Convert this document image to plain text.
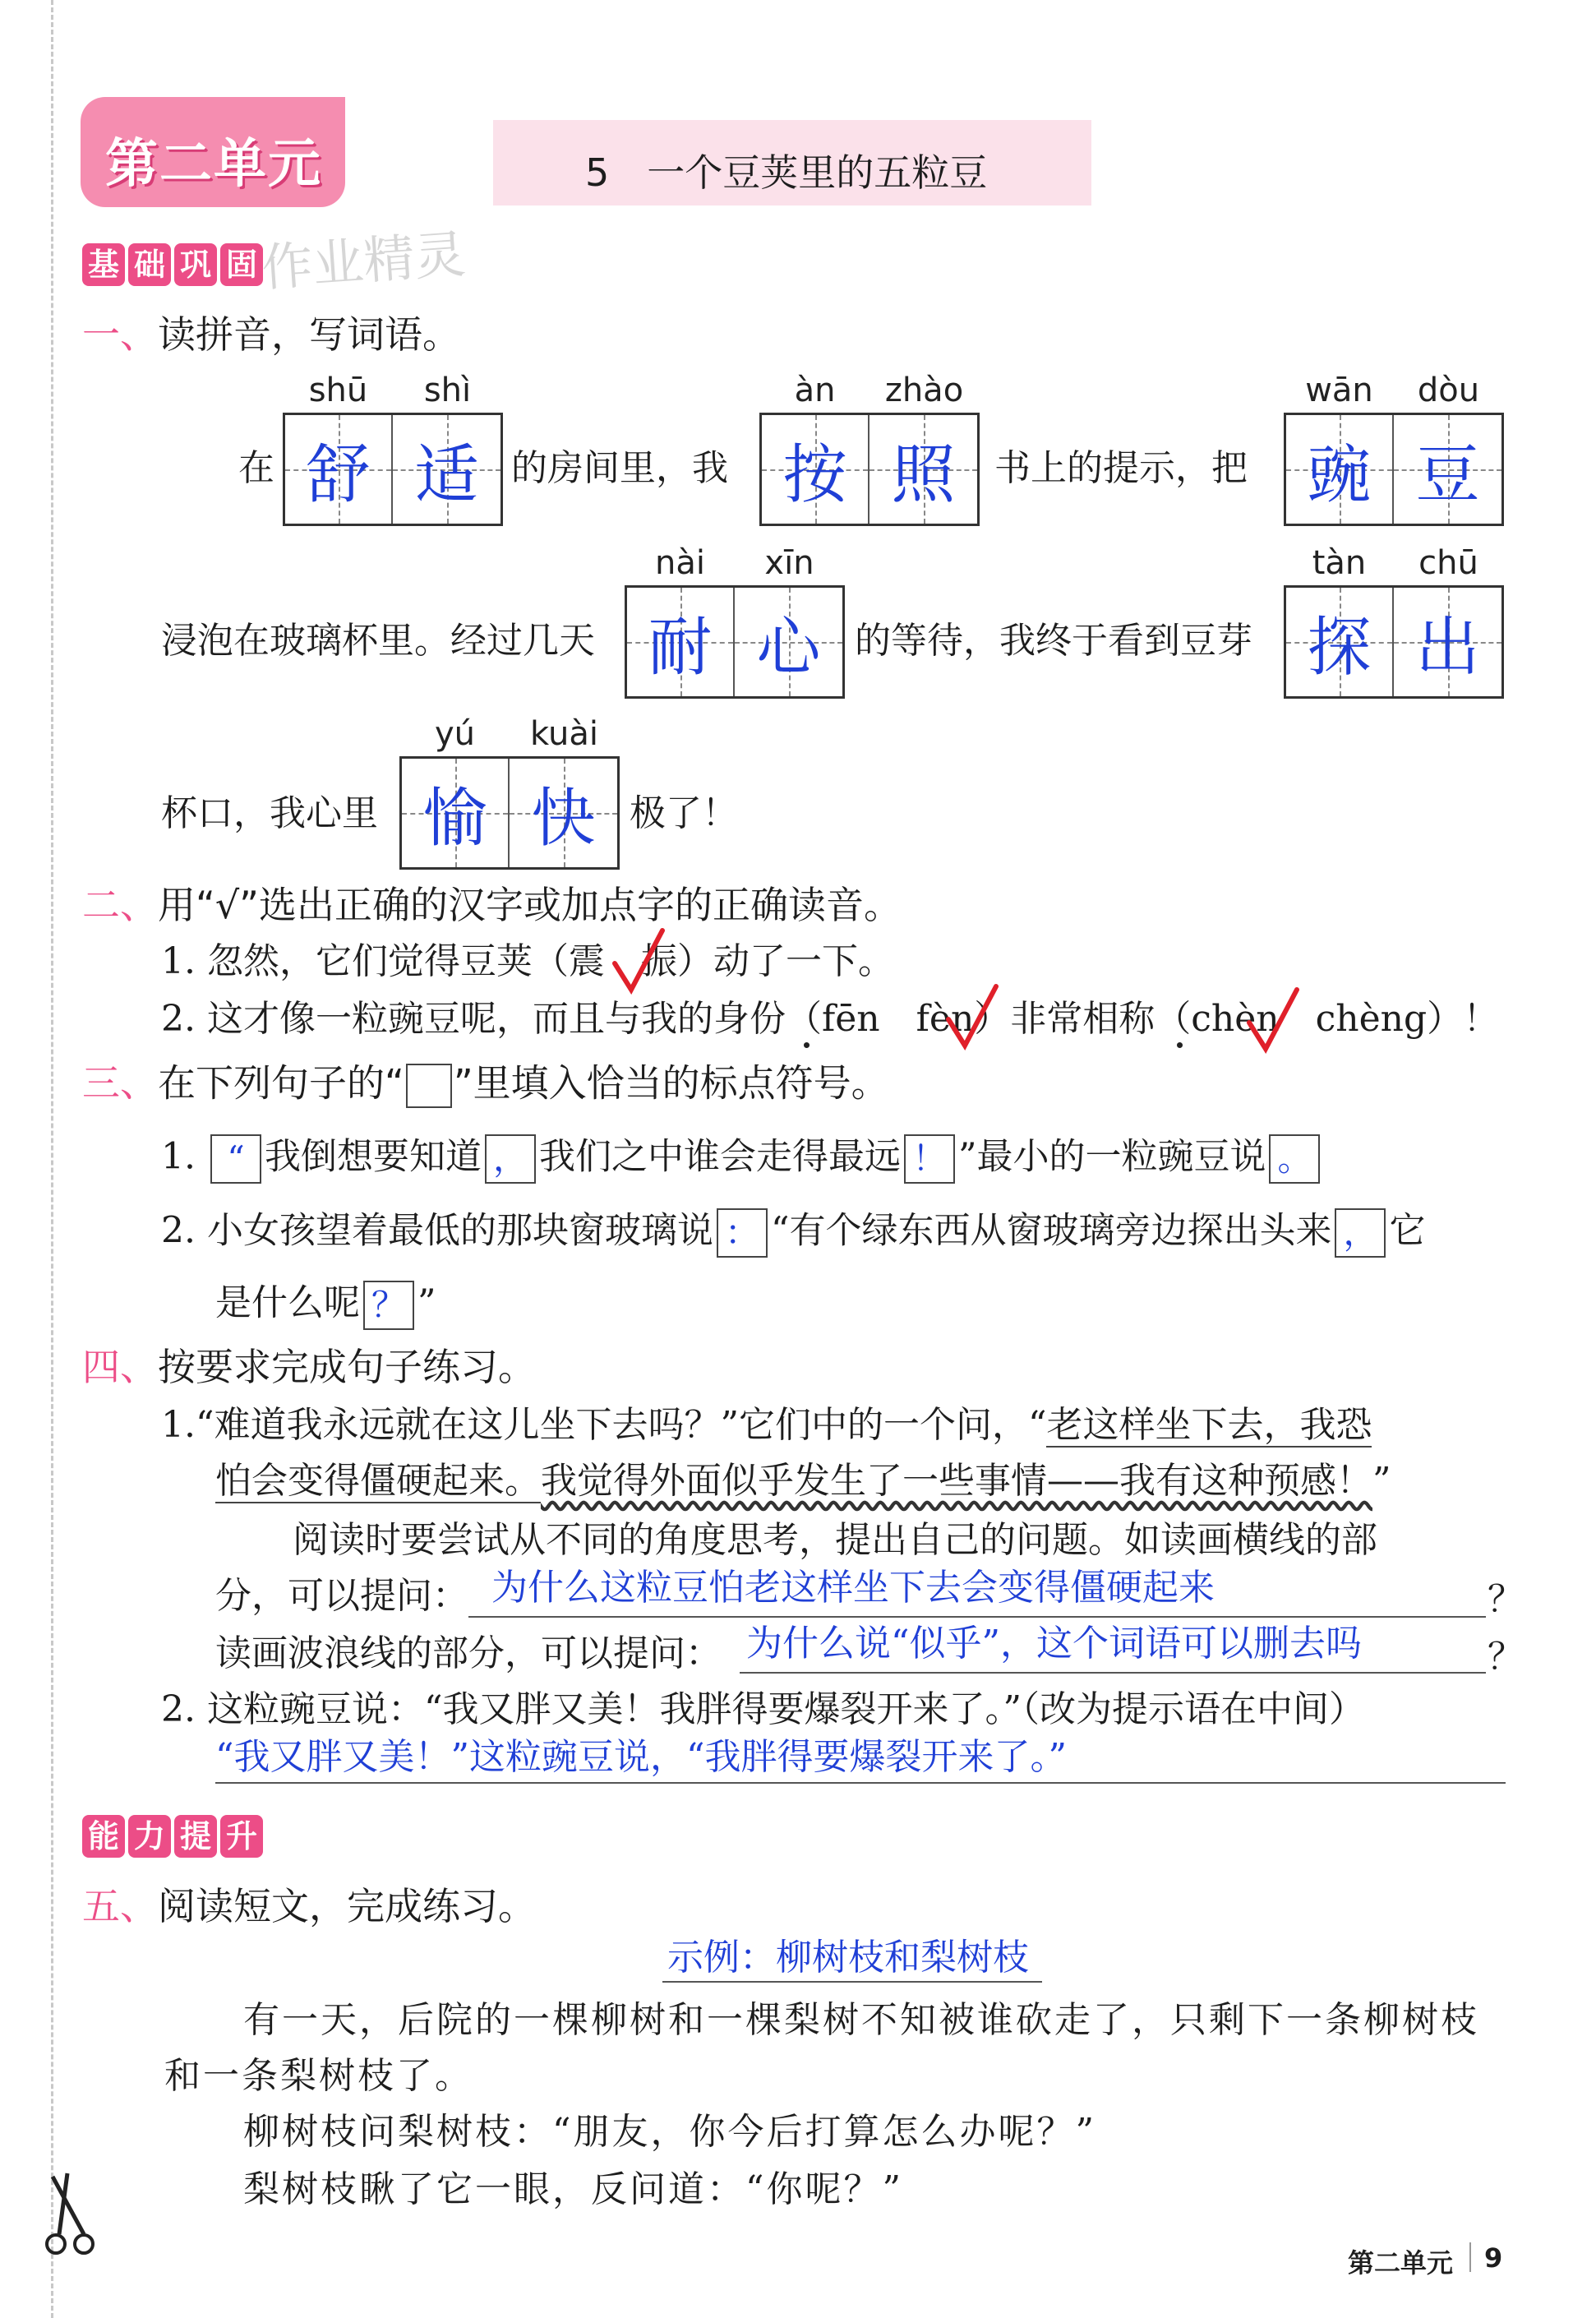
第二单元	5　一个豆荚里的五粒豆
基 础 巩 固 作业精灵
一、读拼音，写词语。
shū	shì	àn	zhào	wān	dòu
在 舒 适 的房间里，我 按 照	书上的提示，把 豌 豆
nài	xīn	tàn	chū
浸泡在玻璃杯里。经过几天 耐 心 的等待，我终于看到豆芽 探 出
yú	kuài
杯口，我心里 愉 快 极了！
二、用“√”选出正确的汉字或加点字的正确读音。
1. 忽然，它们觉得豆荚（震　振）动了一下。
2. 这才像一粒豌豆呢，而且与我的身份（fēn　fèn）非常相称（chèn　chèng）！
三、在下列句子的“ ”里填入恰当的标点符号。
1. “ 我倒想要知道 ， 我们之中谁会走得最远 ！ ”最小的一粒豌豆说 。
2. 小女孩望着最低的那块窗玻璃说 ： “有个绿东西从窗玻璃旁边探出头来 ， 它
是什么呢 ？ ”
四、按要求完成句子练习。
1.“难道我永远就在这儿坐下去吗？”它们中的一个问，“老这样坐下去，我恐
怕会变得僵硬起来。我觉得外面似乎发生了一些事情——我有这种预感！”
阅读时要尝试从不同的角度思考，提出自己的问题。如读画横线的部
分，可以提问： 为什么这粒豆怕老这样坐下去会变得僵硬起来	？
读画波浪线的部分，可以提问： 为什么说“似乎”，这个词语可以删去吗	？
2. 这粒豌豆说：“我又胖又美！我胖得要爆裂开来了。”（改为提示语在中间）
“我又胖又美！”这粒豌豆说，“我胖得要爆裂开来了。”
能 力 提 升
五、阅读短文，完成练习。
示例：柳树枝和梨树枝
有一天，后院的一棵柳树和一棵梨树不知被谁砍走了，只剩下一条柳树枝
和一条梨树枝了。
柳树枝问梨树枝：“朋友，你今后打算怎么办呢？”
梨树枝瞅了它一眼，反问道：“你呢？”
第二单元 9
